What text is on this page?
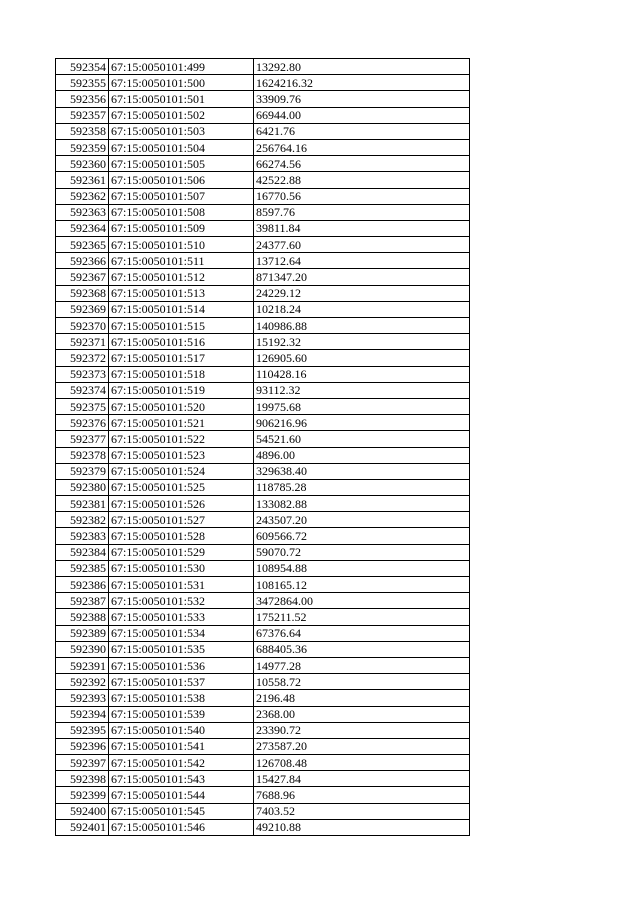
592354	67:15:0050101:499	13292.80
592355	67:15:0050101:500	1624216.32
592356	67:15:0050101:501	33909.76
592357	67:15:0050101:502	66944.00
592358	67:15:0050101:503	6421.76
592359	67:15:0050101:504	256764.16
592360	67:15:0050101:505	66274.56
592361	67:15:0050101:506	42522.88
592362	67:15:0050101:507	16770.56
592363	67:15:0050101:508	8597.76
592364	67:15:0050101:509	39811.84
592365	67:15:0050101:510	24377.60
592366	67:15:0050101:511	13712.64
592367	67:15:0050101:512	871347.20
592368	67:15:0050101:513	24229.12
592369	67:15:0050101:514	10218.24
592370	67:15:0050101:515	140986.88
592371	67:15:0050101:516	15192.32
592372	67:15:0050101:517	126905.60
592373	67:15:0050101:518	110428.16
592374	67:15:0050101:519	93112.32
592375	67:15:0050101:520	19975.68
592376	67:15:0050101:521	906216.96
592377	67:15:0050101:522	54521.60
592378	67:15:0050101:523	4896.00
592379	67:15:0050101:524	329638.40
592380	67:15:0050101:525	118785.28
592381	67:15:0050101:526	133082.88
592382	67:15:0050101:527	243507.20
592383	67:15:0050101:528	609566.72
592384	67:15:0050101:529	59070.72
592385	67:15:0050101:530	108954.88
592386	67:15:0050101:531	108165.12
592387	67:15:0050101:532	3472864.00
592388	67:15:0050101:533	175211.52
592389	67:15:0050101:534	67376.64
592390	67:15:0050101:535	688405.36
592391	67:15:0050101:536	14977.28
592392	67:15:0050101:537	10558.72
592393	67:15:0050101:538	2196.48
592394	67:15:0050101:539	2368.00
592395	67:15:0050101:540	23390.72
592396	67:15:0050101:541	273587.20
592397	67:15:0050101:542	126708.48
592398	67:15:0050101:543	15427.84
592399	67:15:0050101:544	7688.96
592400	67:15:0050101:545	7403.52
592401	67:15:0050101:546	49210.88
